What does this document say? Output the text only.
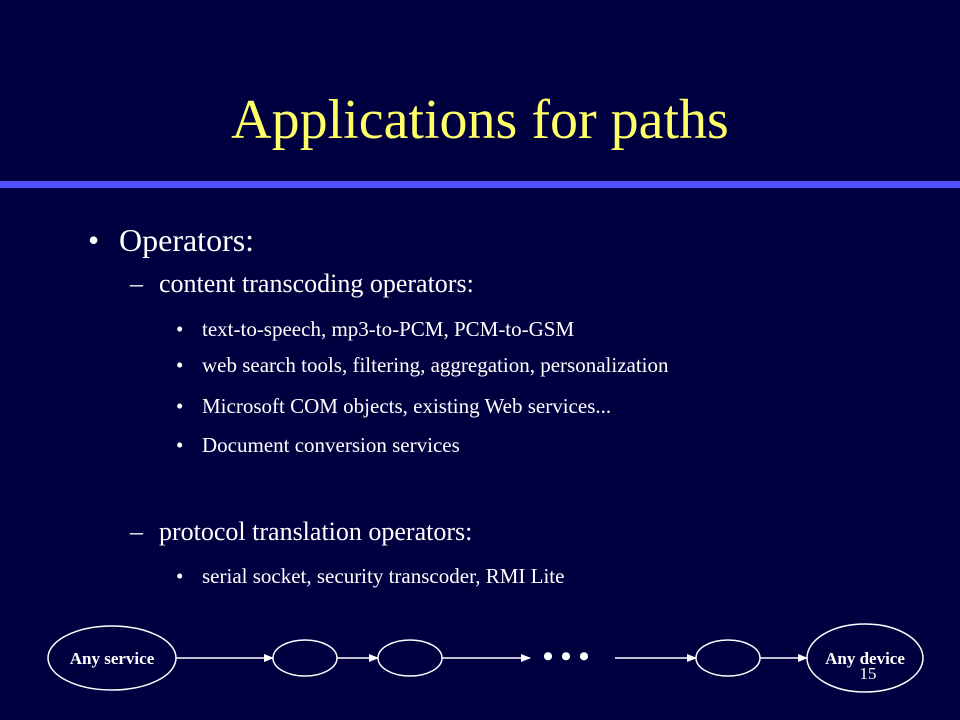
Applications for paths
• Operators:
– content transcoding operators:
• text-to-speech, mp3-to-PCM, PCM-to-GSM
• web search tools, filtering, aggregation, personalization
• Microsoft COM objects, existing Web services...
• Document conversion services
– protocol translation operators:
• serial socket, security transcoder, RMI Lite
Any service	Any device
• • •
15
